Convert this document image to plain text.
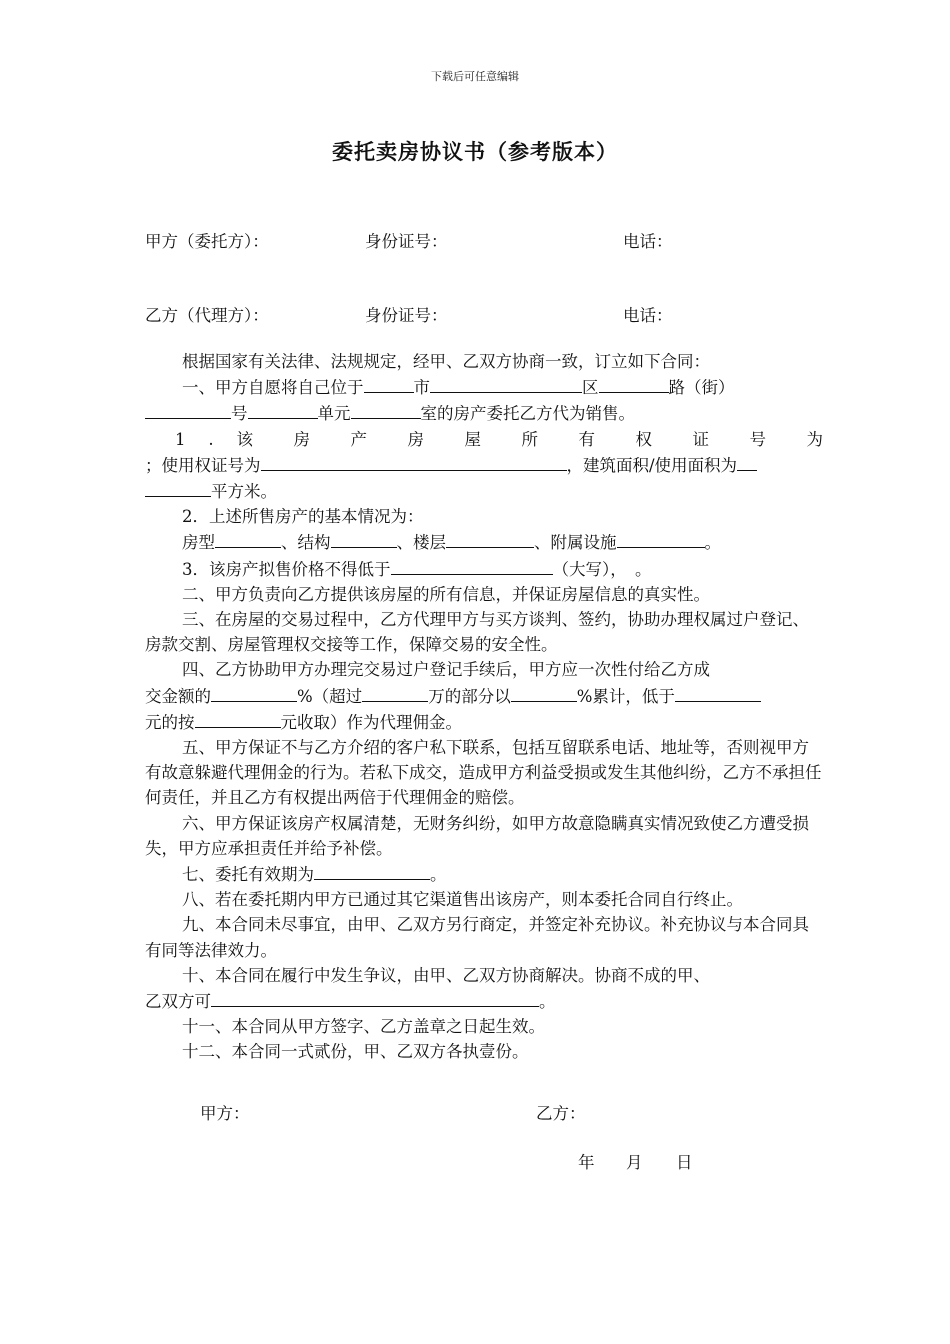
下载后可任意编辑
委托卖房协议书（参考版本）
甲方（委托方）：	身份证号：	电话：
乙方（代理方）：	身份证号：	电话：

根据国家有关法律、法规规定，经甲、乙双方协商一致，订立如下合同：

一、甲方自愿将自己位于	市	区	路（街）

号	单元	室的房产委托乙方代为销售。

1 . 该 房 产 房 屋 所 有 权 证 号 为

；使用权证号为	，建筑面积/使用面积为

平方米。

2．上述所售房产的基本情况为：

房型	、结构	、楼层	、附属设施	。

3．该房产拟售价格不得低于	（大写），　。

二、甲方负责向乙方提供该房屋的所有信息，并保证房屋信息的真实性。

三、在房屋的交易过程中，乙方代理甲方与买方谈判、签约，协助办理权属过户登记、房款交割、房屋管理权交接等工作，保障交易的安全性。

四、乙方协助甲方办理完交易过户登记手续后，甲方应一次性付给乙方成

交金额的	%（超过	万的部分以	%累计，低于

元的按	元收取）作为代理佣金。

五、甲方保证不与乙方介绍的客户私下联系，包括互留联系电话、地址等，否则视甲方有故意躲避代理佣金的行为。若私下成交，造成甲方利益受损或发生其他纠纷，乙方不承担任何责任，并且乙方有权提出两倍于代理佣金的赔偿。

六、甲方保证该房产权属清楚，无财务纠纷，如甲方故意隐瞒真实情况致使乙方遭受损失，甲方应承担责任并给予补偿。

七、委托有效期为	。

八、若在委托期内甲方已通过其它渠道售出该房产，则本委托合同自行终止。

九、本合同未尽事宜，由甲、乙双方另行商定，并签定补充协议。补充协议与本合同具有同等法律效力。

十、本合同在履行中发生争议，由甲、乙双方协商解决。协商不成的甲、

乙双方可	。

十一、本合同从甲方签字、乙方盖章之日起生效。

十二、本合同一式贰份，甲、乙双方各执壹份。

甲方：	乙方：
年 月 日
